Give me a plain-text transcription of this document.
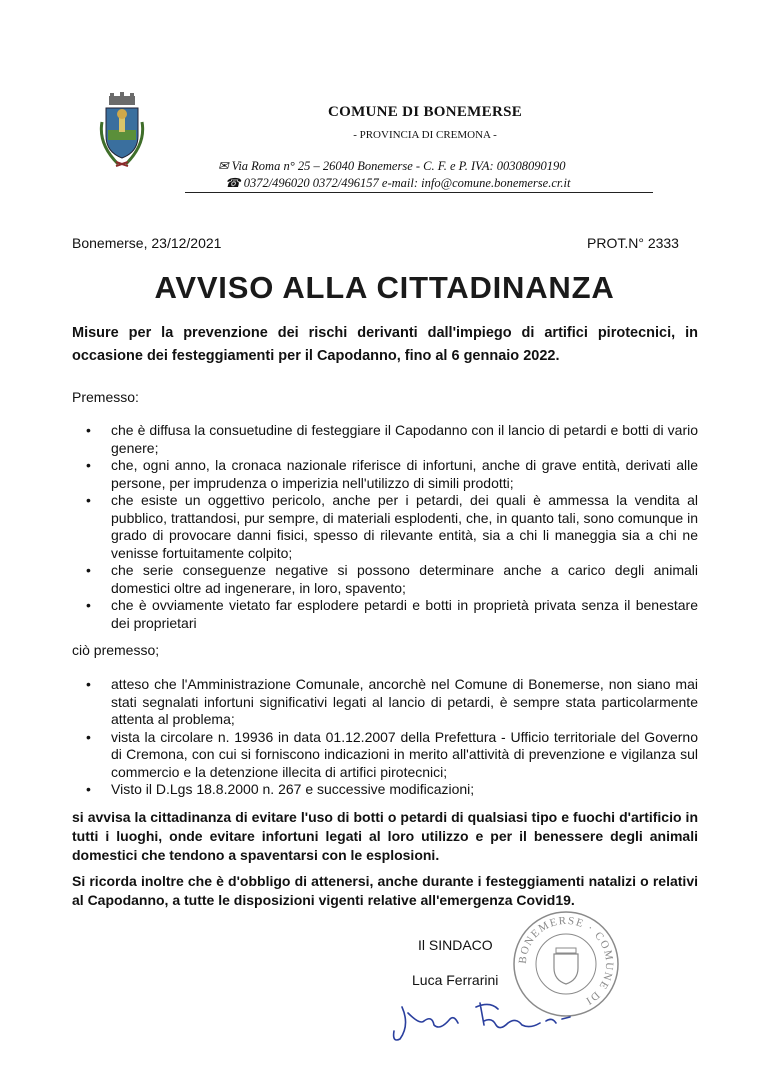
COMUNE DI BONEMERSE
- PROVINCIA DI CREMONA -
✉ Via Roma n° 25 – 26040 Bonemerse - C. F. e P. IVA: 00308090190
☎ 0372/496020 0372/496157 e-mail: info@comune.bonemerse.cr.it
Bonemerse, 23/12/2021	PROT.N° 2333
AVVISO ALLA CITTADINANZA
Misure per la prevenzione dei rischi derivanti dall'impiego di artifici pirotecnici, in occasione dei festeggiamenti per il Capodanno, fino al 6 gennaio 2022.
Premesso:
• che è diffusa la consuetudine di festeggiare il Capodanno con il lancio di petardi e botti di vario genere;
• che, ogni anno, la cronaca nazionale riferisce di infortuni, anche di grave entità, derivati alle persone, per imprudenza o imperizia nell'utilizzo di simili prodotti;
• che esiste un oggettivo pericolo, anche per i petardi, dei quali è ammessa la vendita al pubblico, trattandosi, pur sempre, di materiali esplodenti, che, in quanto tali, sono comunque in grado di provocare danni fisici, spesso di rilevante entità, sia a chi li maneggia sia a chi ne venisse fortuitamente colpito;
• che serie conseguenze negative si possono determinare anche a carico degli animali domestici oltre ad ingenerare, in loro, spavento;
• che è ovviamente vietato far esplodere petardi e botti in proprietà privata senza il benestare dei proprietari
ciò premesso;
• atteso che l'Amministrazione Comunale, ancorchè nel Comune di Bonemerse, non siano mai stati segnalati infortuni significativi legati al lancio di petardi, è sempre stata particolarmente attenta al problema;
• vista la circolare n. 19936 in data 01.12.2007 della Prefettura - Ufficio territoriale del Governo di Cremona, con cui si forniscono indicazioni in merito all'attività di prevenzione e vigilanza sul commercio e la detenzione illecita di artifici pirotecnici;
• Visto il D.Lgs 18.8.2000 n. 267 e successive modificazioni;
si avvisa la cittadinanza di evitare l'uso di botti o petardi di qualsiasi tipo e fuochi d'artificio in tutti i luoghi, onde evitare infortuni legati al loro utilizzo e per il benessere degli animali domestici che tendono a spaventarsi con le esplosioni.
Si ricorda inoltre che è d'obbligo di attenersi, anche durante i festeggiamenti natalizi o relativi al Capodanno, a tutte le disposizioni vigenti relative all'emergenza Covid19.
Il SINDACO
Luca Ferrarini
BONEMERSE · COMUNE DI
